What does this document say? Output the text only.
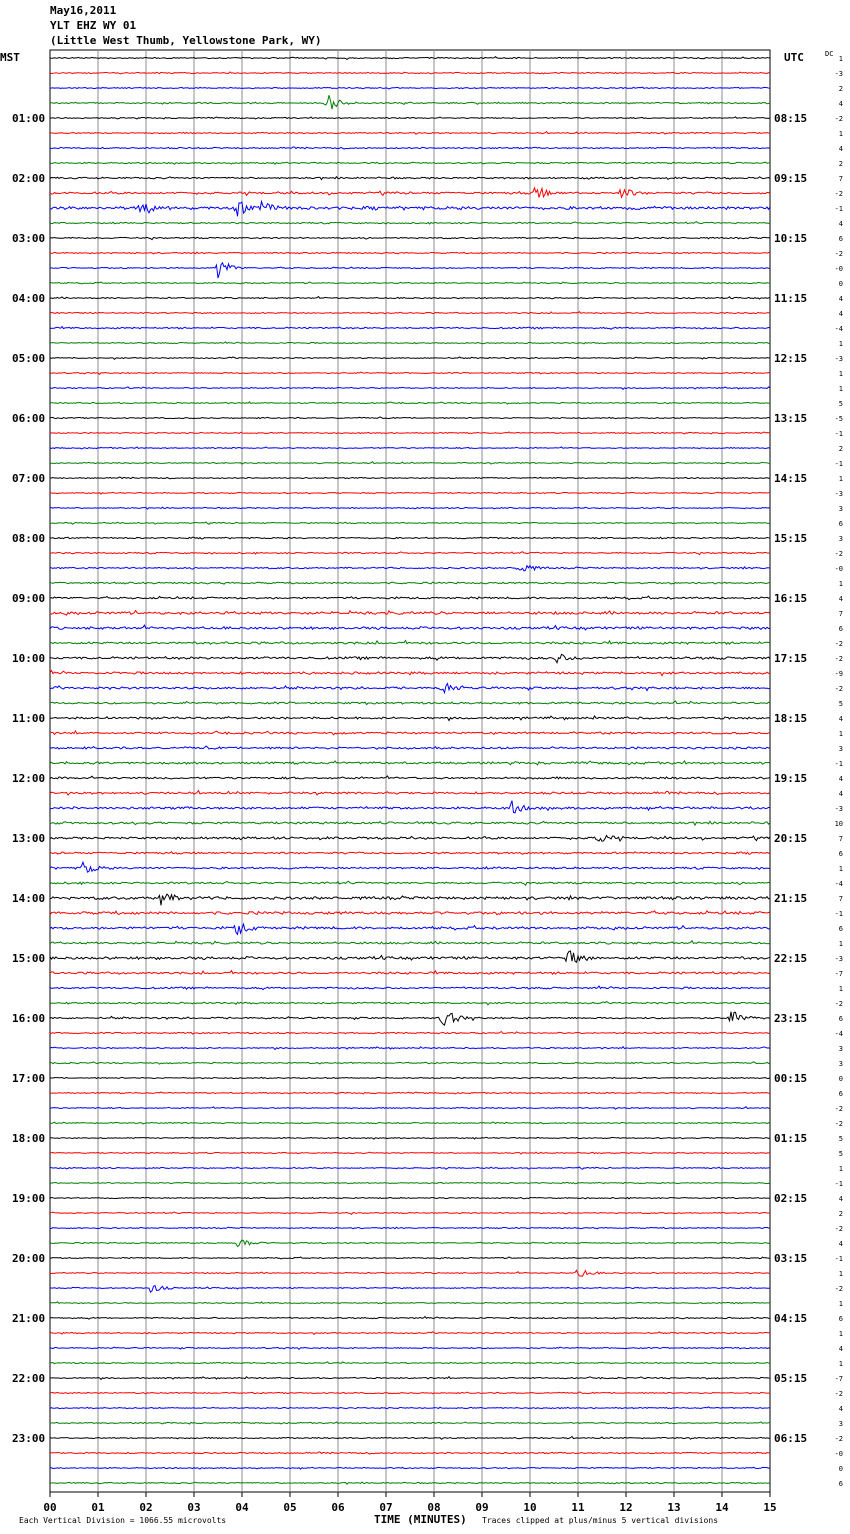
May16,2011
YLT EHZ WY 01
(Little West Thumb, Yellowstone Park, WY)
01:00
02:00
03:00
04:00
05:00
06:00
07:00
08:00
09:00
10:00
11:00
12:00
13:00
14:00
15:00
16:00
17:00
18:00
19:00
20:00
21:00
22:00
23:00
08:15
09:15
10:15
11:15
12:15
13:15
14:15
15:15
16:15
17:15
18:15
19:15
20:15
21:15
22:15
23:15
00:15
01:15
02:15
03:15
04:15
05:15
06:15
1
-3
2
4
-2
1
4
2
7
-2
-1
4
6
-2
-0
0
4
4
-4
1
-3
1
1
5
-5
-1
2
-1
1
-3
3
6
3
-2
-0
1
4
7
6
-2
-2
-9
-2
5
4
1
3
-1
4
4
-3
10
7
6
1
-4
7
-1
6
1
-3
-7
1
-2
6
-4
3
3
0
6
-2
-2
5
5
1
-1
4
2
-2
4
-1
1
-2
1
6
1
4
1
-7
-2
4
3
-2
-0
0
6
00	01	02	03	04	05	06	07	08	09	10	11	12	13	14	15
MST	UTC	DC
Each Vertical Division = 1066.55 microvolts	TIME (MINUTES) Traces clipped at plus/minus 5 vertical divisions
